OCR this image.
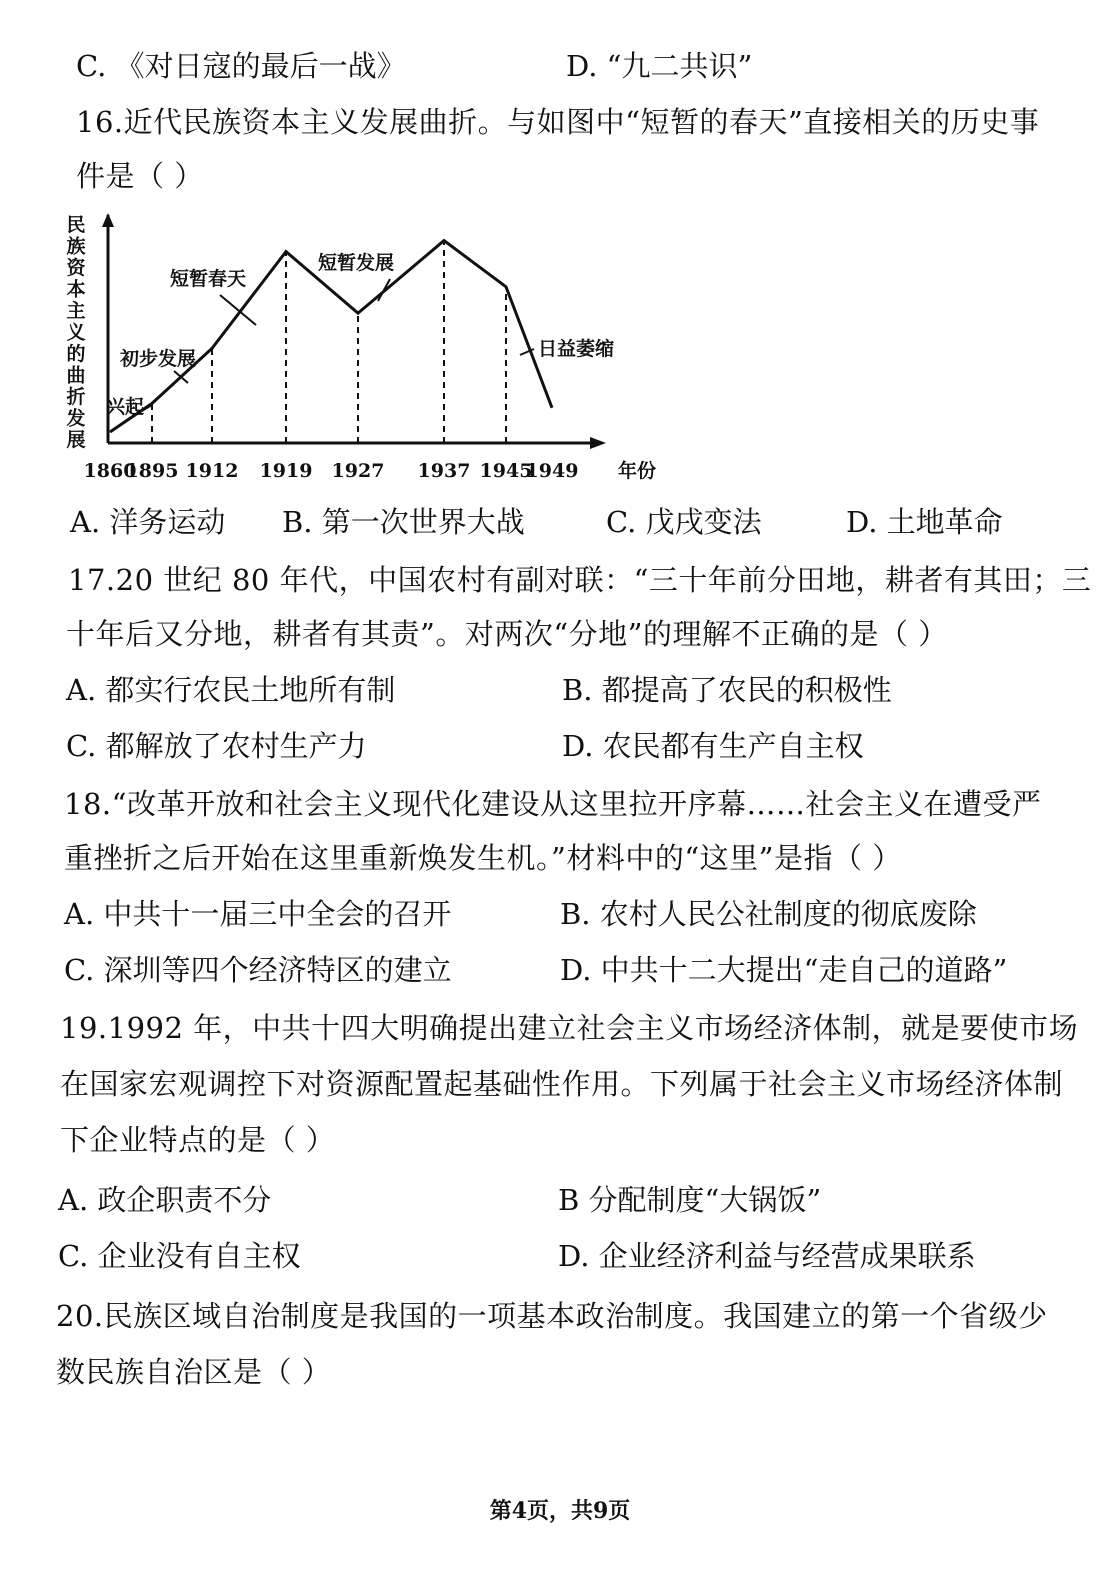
C. 《对日寇的最后一战》	D. “九二共识”
16.近代民族资本主义发展曲折。与如图中“短暂的春天”直接相关的历史事
件是（ ）
1860
1895 1912 1919 1927 1937 1945
1949
兴起
初步发展
短暂春天
短暂发展
日益萎缩
民族资本主义的曲折发展
年份
A. 洋务运动 B. 第一次世界大战	C. 戊戌变法	D. 土地革命
17.20 世纪 80 年代，中国农村有副对联：“三十年前分田地，耕者有其田；三
十年后又分地，耕者有其责”。对两次“分地”的理解不正确的是（ ）
A. 都实行农民土地所有制	B. 都提高了农民的积极性
C. 都解放了农村生产力	D. 农民都有生产自主权
18.“改革开放和社会主义现代化建设从这里拉开序幕……社会主义在遭受严
重挫折之后开始在这里重新焕发生机。”材料中的“这里”是指（ ）
A. 中共十一届三中全会的召开	B. 农村人民公社制度的彻底废除
C. 深圳等四个经济特区的建立	D. 中共十二大提出“走自己的道路”
19.1992 年，中共十四大明确提出建立社会主义市场经济体制，就是要使市场
在国家宏观调控下对资源配置起基础性作用。下列属于社会主义市场经济体制
下企业特点的是（ ）
A. 政企职责不分	B 分配制度“大锅饭”
C. 企业没有自主权	D. 企业经济利益与经营成果联系
20.民族区域自治制度是我国的一项基本政治制度。我国建立的第一个省级少
数民族自治区是（ ）
第4页，共9页
